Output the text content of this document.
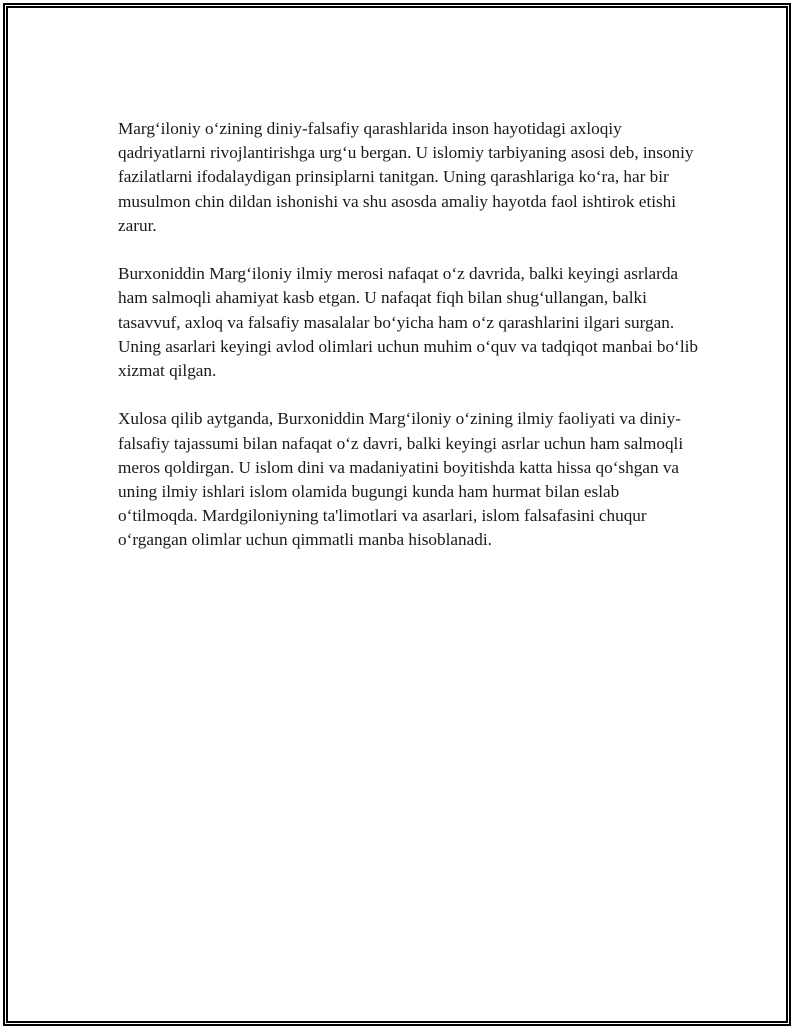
Marg‘iloniy o‘zining diniy-falsafiy qarashlarida inson hayotidagi axloqiy qadriyatlarni rivojlantirishga urg‘u bergan. U islomiy tarbiyaning asosi deb, insoniy fazilatlarni ifodalaydigan prinsiplarni tanitgan. Uning qarashlariga ko‘ra, har bir musulmon chin dildan ishonishi va shu asosda amaliy hayotda faol ishtirok etishi zarur.

Burxoniddin Marg‘iloniy ilmiy merosi nafaqat o‘z davrida, balki keyingi asrlarda ham salmoqli ahamiyat kasb etgan. U nafaqat fiqh bilan shug‘ullangan, balki tasavvuf, axloq va falsafiy masalalar bo‘yicha ham o‘z qarashlarini ilgari surgan. Uning asarlari keyingi avlod olimlari uchun muhim o‘quv va tadqiqot manbai bo‘lib xizmat qilgan.

Xulosa qilib aytganda, Burxoniddin Marg‘iloniy o‘zining ilmiy faoliyati va diniy-falsafiy tajassumi bilan nafaqat o‘z davri, balki keyingi asrlar uchun ham salmoqli meros qoldirgan. U islom dini va madaniyatini boyitishda katta hissa qo‘shgan va uning ilmiy ishlari islom olamida bugungi kunda ham hurmat bilan eslab o‘tilmoqda. Mardgiloniyning ta'limotlari va asarlari, islom falsafasini chuqur o‘rgangan olimlar uchun qimmatli manba hisoblanadi.
